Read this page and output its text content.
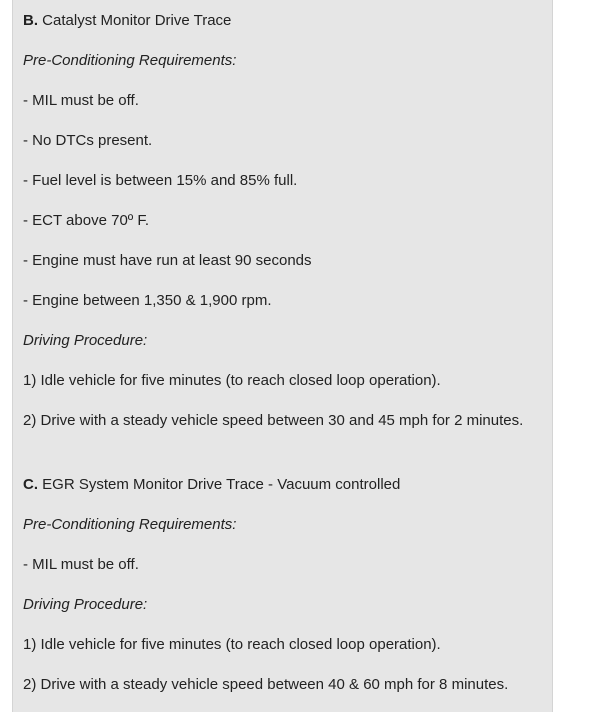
B. Catalyst Monitor Drive Trace

Pre-Conditioning Requirements:

- MIL must be off.

- No DTCs present.

- Fuel level is between 15% and 85% full.

- ECT above 70º F.

- Engine must have run at least 90 seconds

- Engine between 1,350 & 1,900 rpm.

Driving Procedure:

1) Idle vehicle for five minutes (to reach closed loop operation).

2) Drive with a steady vehicle speed between 30 and 45 mph for 2 minutes.

C. EGR System Monitor Drive Trace - Vacuum controlled

Pre-Conditioning Requirements:

- MIL must be off.

Driving Procedure:

1) Idle vehicle for five minutes (to reach closed loop operation).

2) Drive with a steady vehicle speed between 40 & 60 mph for 8 minutes.
